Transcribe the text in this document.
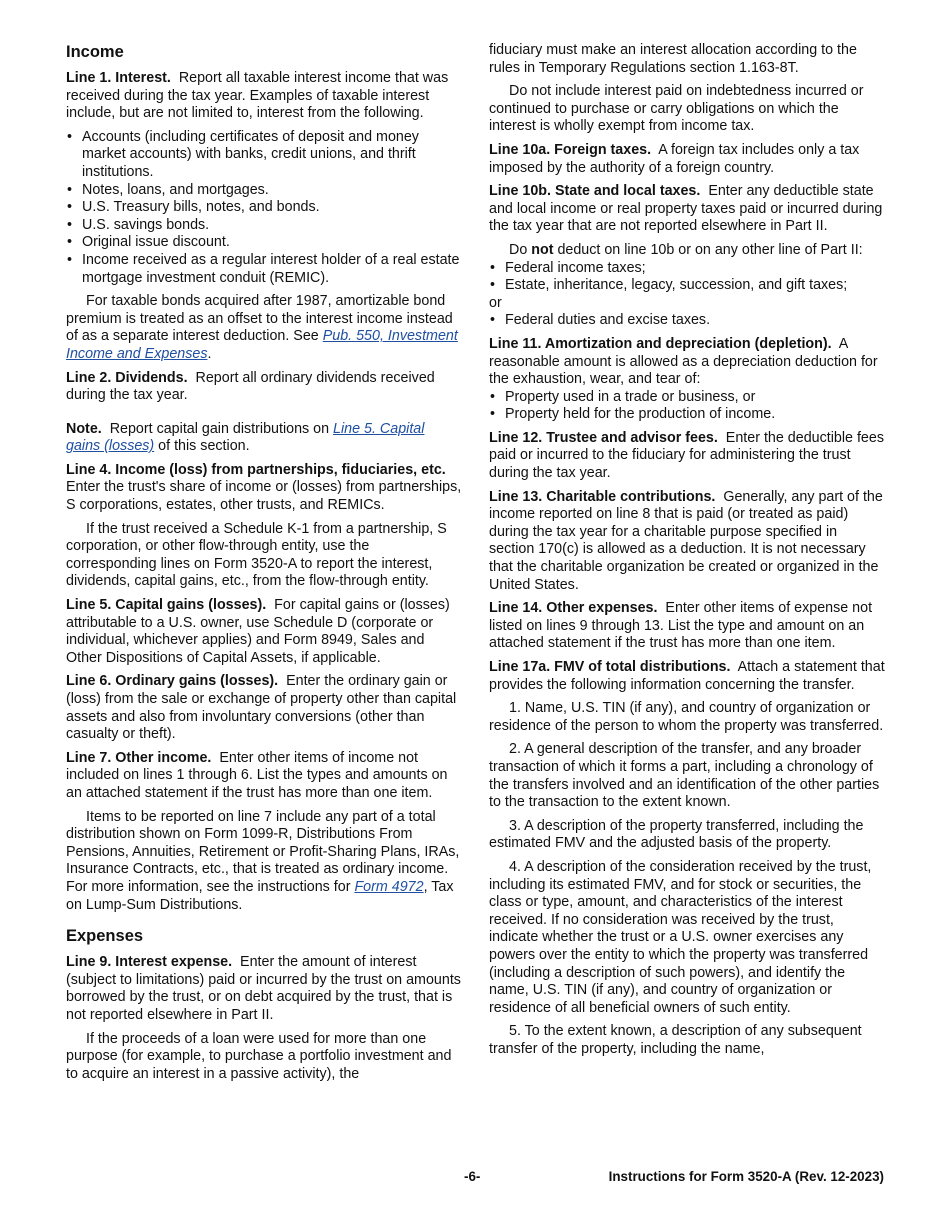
Income

Line 1. Interest. Report all taxable interest income that was received during the tax year. Examples of taxable interest include, but are not limited to, interest from the following.

• Accounts (including certificates of deposit and money market accounts) with banks, credit unions, and thrift institutions.
• Notes, loans, and mortgages.
• U.S. Treasury bills, notes, and bonds.
• U.S. savings bonds.
• Original issue discount.
• Income received as a regular interest holder of a real estate mortgage investment conduit (REMIC).

For taxable bonds acquired after 1987, amortizable bond premium is treated as an offset to the interest income instead of as a separate interest deduction. See Pub. 550, Investment Income and Expenses.

Line 2. Dividends. Report all ordinary dividends received during the tax year.

Note. Report capital gain distributions on Line 5. Capital gains (losses) of this section.

Line 4. Income (loss) from partnerships, fiduciaries, etc.  Enter the trust's share of income or (losses) from partnerships, S corporations, estates, other trusts, and REMICs.

If the trust received a Schedule K-1 from a partnership, S corporation, or other flow-through entity, use the corresponding lines on Form 3520-A to report the interest, dividends, capital gains, etc., from the flow-through entity.

Line 5. Capital gains (losses). For capital gains or (losses) attributable to a U.S. owner, use Schedule D (corporate or individual, whichever applies) and Form 8949, Sales and Other Dispositions of Capital Assets, if applicable.

Line 6. Ordinary gains (losses). Enter the ordinary gain or (loss) from the sale or exchange of property other than capital assets and also from involuntary conversions (other than casualty or theft).

Line 7. Other income. Enter other items of income not included on lines 1 through 6. List the types and amounts on an attached statement if the trust has more than one item.

Items to be reported on line 7 include any part of a total distribution shown on Form 1099-R, Distributions From Pensions, Annuities, Retirement or Profit-Sharing Plans, IRAs, Insurance Contracts, etc., that is treated as ordinary income. For more information, see the instructions for Form 4972, Tax on Lump-Sum Distributions.

Expenses

Line 9. Interest expense. Enter the amount of interest (subject to limitations) paid or incurred by the trust on amounts borrowed by the trust, or on debt acquired by the trust, that is not reported elsewhere in Part II.

If the proceeds of a loan were used for more than one purpose (for example, to purchase a portfolio investment and to acquire an interest in a passive activity), the

fiduciary must make an interest allocation according to the rules in Temporary Regulations section 1.163-8T.

Do not include interest paid on indebtedness incurred or continued to purchase or carry obligations on which the interest is wholly exempt from income tax.

Line 10a. Foreign taxes. A foreign tax includes only a tax imposed by the authority of a foreign country.

Line 10b. State and local taxes. Enter any deductible state and local income or real property taxes paid or incurred during the tax year that are not reported elsewhere in Part II.

Do not deduct on line 10b or on any other line of Part II:

• Federal income taxes;
• Estate, inheritance, legacy, succession, and gift taxes;
or
• Federal duties and excise taxes.

Line 11. Amortization and depreciation (depletion). A reasonable amount is allowed as a depreciation deduction for the exhaustion, wear, and tear of:

• Property used in a trade or business, or
• Property held for the production of income.

Line 12. Trustee and advisor fees. Enter the deductible fees paid or incurred to the fiduciary for administering the trust during the tax year.

Line 13. Charitable contributions. Generally, any part of the income reported on line 8 that is paid (or treated as paid) during the tax year for a charitable purpose specified in section 170(c) is allowed as a deduction. It is not necessary that the charitable organization be created or organized in the United States.

Line 14. Other expenses. Enter other items of expense not listed on lines 9 through 13. List the type and amount on an attached statement if the trust has more than one item.

Line 17a. FMV of total distributions. Attach a statement that provides the following information concerning the transfer.

1. Name, U.S. TIN (if any), and country of organization or residence of the person to whom the property was transferred.

2. A general description of the transfer, and any broader transaction of which it forms a part, including a chronology of the transfers involved and an identification of the other parties to the transaction to the extent known.

3. A description of the property transferred, including the estimated FMV and the adjusted basis of the property.

4. A description of the consideration received by the trust, including its estimated FMV, and for stock or securities, the class or type, amount, and characteristics of the interest received. If no consideration was received by the trust, indicate whether the trust or a U.S. owner exercises any powers over the entity to which the property was transferred (including a description of such powers), and identify the name, U.S. TIN (if any), and country of organization or residence of all beneficial owners of such entity.

5. To the extent known, a description of any subsequent transfer of the property, including the name,

-6-	Instructions for Form 3520-A (Rev. 12-2023)
